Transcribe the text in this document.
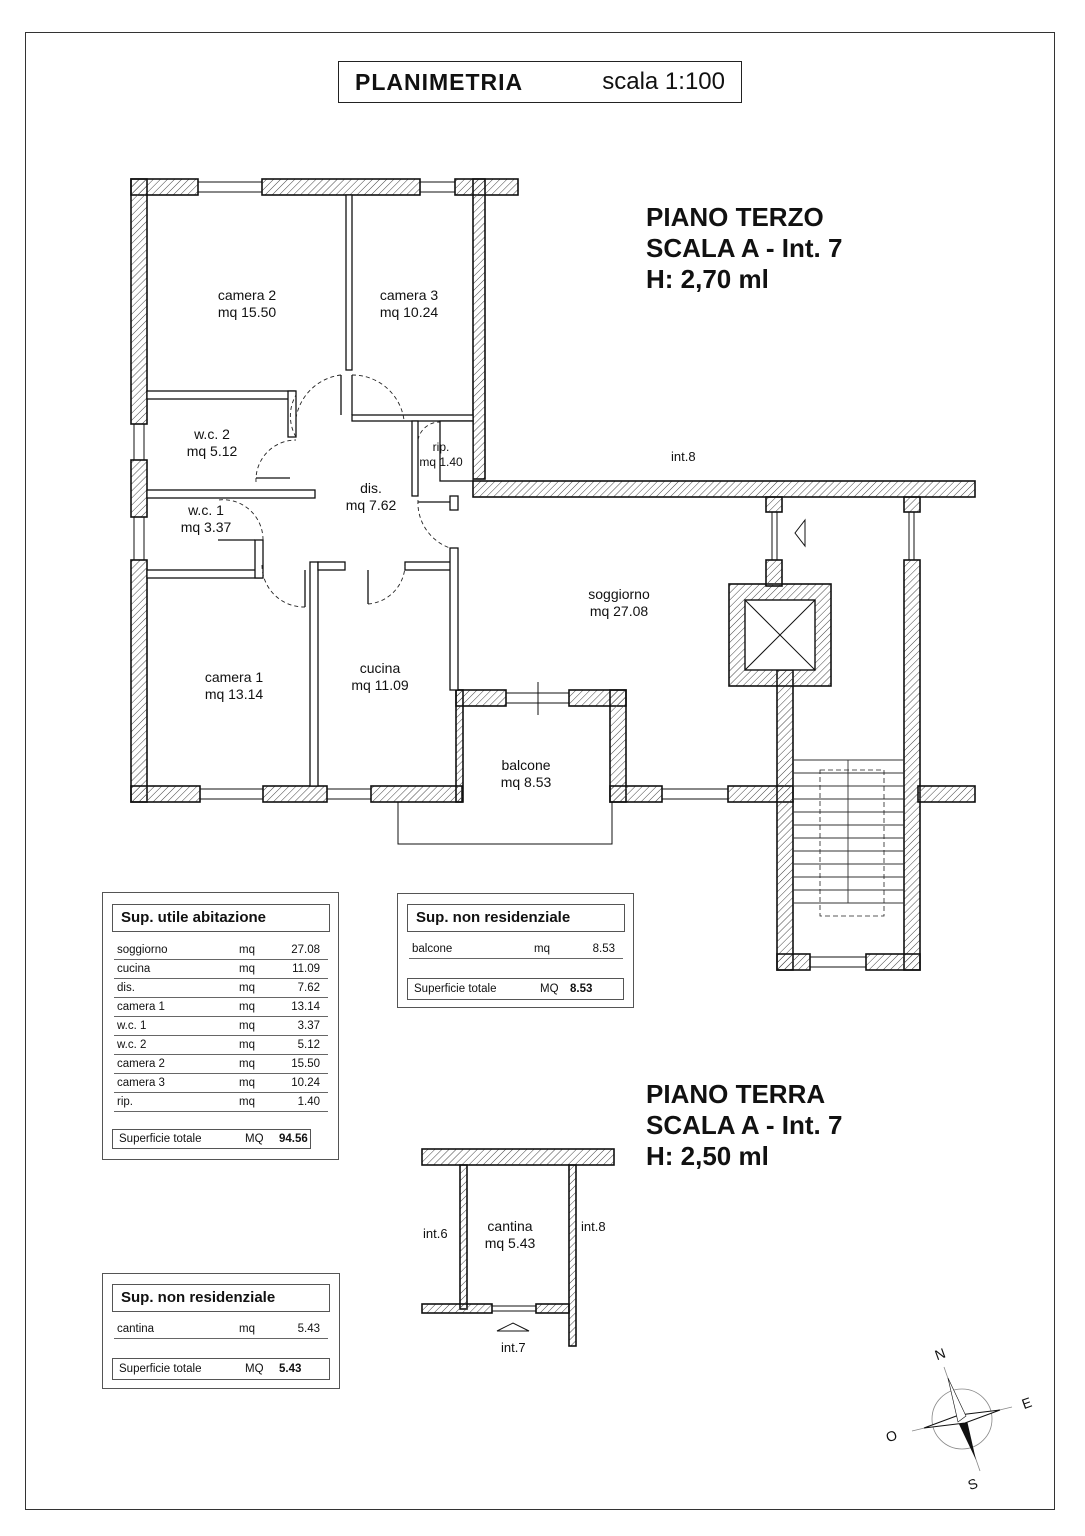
PLANIMETRIA	scala 1:100
PIANO TERZO
SCALA A - Int. 7
H: 2,70 ml
PIANO TERRA
SCALA A - Int. 7
H: 2,50 ml
camera 2
mq 15.50
camera 3
mq 10.24
w.c. 2
mq 5.12	rip.
mq 1.40
dis.
mq 7.62
w.c. 1
mq 3.37
soggiorno
mq 27.08
camera 1
mq 13.14
cucina
mq 11.09
balcone
mq 8.53
cantina
mq 5.43
int.8
int.6	int.8
int.7
Sup. utile abitazione
soggiorno	mq	27.08
cucina	mq	11.09
dis.	mq	7.62
camera 1	mq	13.14
w.c. 1	mq	3.37
w.c. 2	mq	5.12
camera 2	mq	15.50
camera 3	mq	10.24
rip.	mq	1.40
Superficie totale	MQ	94.56
Sup. non residenziale
balcone	mq	8.53
Superficie totale	MQ 8.53
Sup. non residenziale
cantina	mq	5.43
Superficie totale	MQ	5.43
N
E
S
O
